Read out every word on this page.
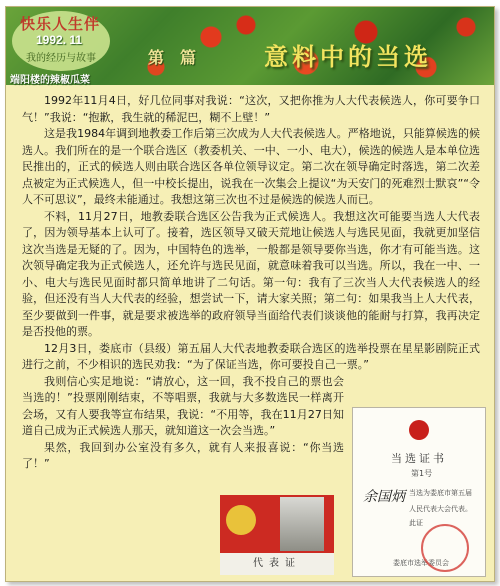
快乐人生伴
1992. 11
我的经历与故事
端阳楼的辣椒瓜菜
第 篇	意料中的当选

1992年11月4日，好几位同事对我说：“这次，又把你推为人大代表候选人，你可要争口气！”我说：“抱歉，我生就的稀泥巴，糊不上壁！”

这是我1984年调到地教委工作后第三次成为人大代表候选人。严格地说，只能算候选的候选人。我们所在的是一个联合选区（教委机关、一中、一小、电大），候选的候选人是本单位选民推出的，正式的候选人则由联合选区各单位领导议定。第二次在领导确定时落选，第二次差点被定为正式候选人，但一中校长提出，说我在一次集会上提议“为天安门的死难烈士默哀”“令人不可思议”，最终未能通过。我想这第三次也不过是候选的候选人而已。

不料，11月27日，地教委联合选区公告我为正式候选人。我想这次可能要当选人大代表了，因为领导基本上认可了。接着，选区领导又破天荒地让候选人与选民见面，我就更加坚信这次当选是无疑的了。因为，中国特色的选举，一般都是领导要你当选，你才有可能当选。这次领导确定我为正式候选人，还允许与选民见面，就意味着我可以当选。所以，我在一中、一小、电大与选民见面时都只简单地讲了二句话。第一句：我有了三次当人大代表候选人的经验，但还没有当人大代表的经验，想尝试一下，请大家关照；第二句：如果我当上人大代表，至少要做到一件事，就是要求被选举的政府领导当面给代表们谈谈他的能耐与打算，我再决定是否投他的票。

12月3日，娄底市（县级）第五届人大代表地教委联合选区的选举投票在星星影剧院正式进行之前，不少相识的选民劝我：“为了保证当选，你可要投自己一票。”

我则信心实足地说：“请放心，这一回，我不投自己的票也会当选的！”投票刚刚结束，不等唱票，我就与大多数选民一样离开会场，又有人要我等宣布结果，我说：“不用等，我在11月27日知道自己成为正式候选人那天，就知道这一次会当选。”

果然，我回到办公室没有多久，就有人来报喜说：“你当选了！”	当选证书
第1号
余国炳 当选为娄底市第五届
人民代表大会代表。
此证
娄底市选举委员会
代表证
